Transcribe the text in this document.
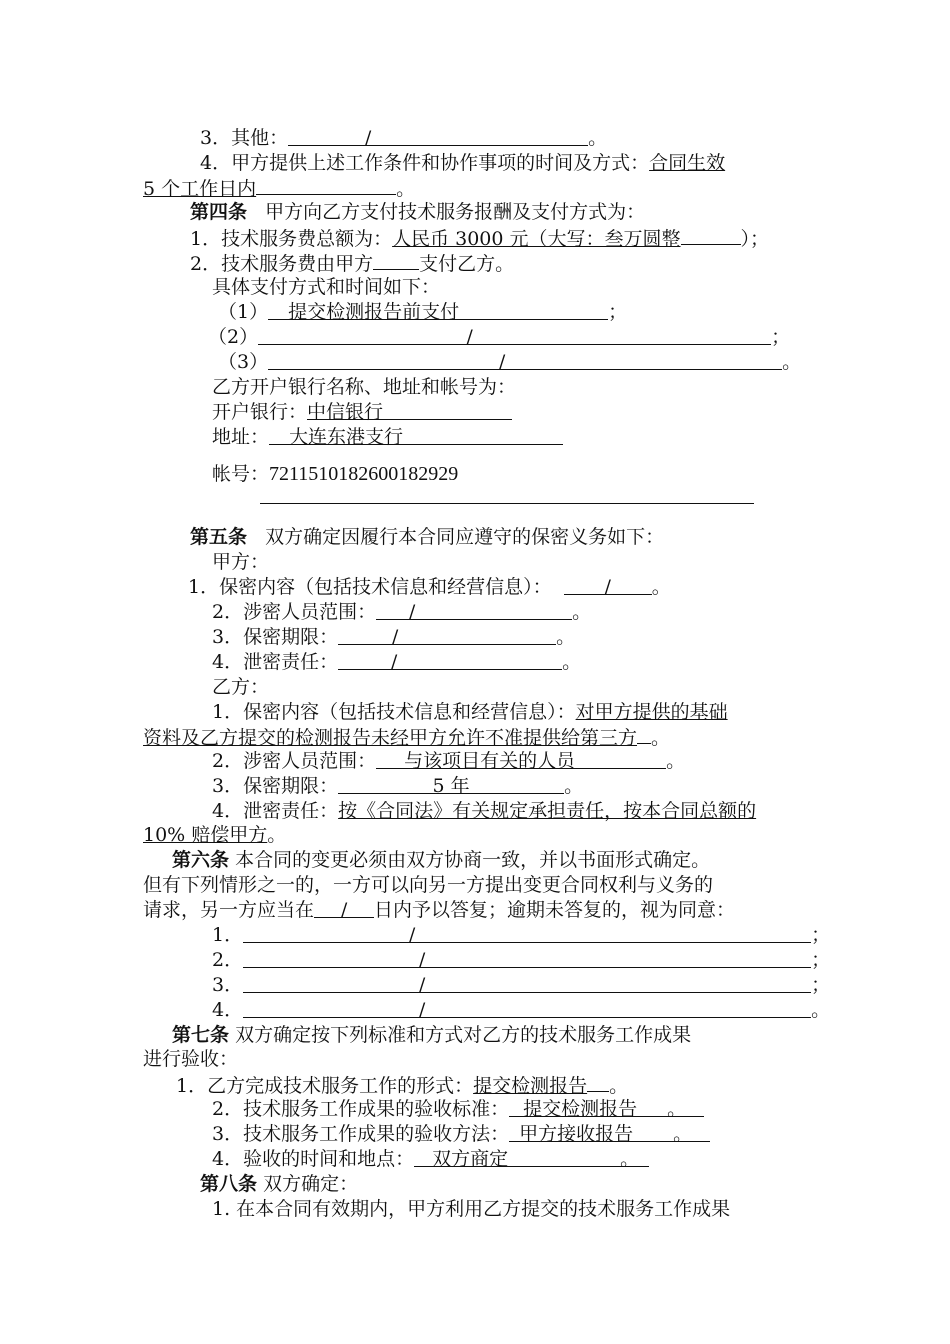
3．其他：	/	。
4．甲方提供上述工作条件和协作事项的时间及方式：合同生效
5 个工作日内	。
第四条 甲方向乙方支付技术服务报酬及支付方式为：
1．技术服务费总额为：人民币 3000 元（大写：叁万圆整	）；
2．技术服务费由甲方 支付乙方。
具体支付方式和时间如下：
（1） 提交检测报告前支付	；
（2）	/	；
（3）	/	。
乙方开户银行名称、地址和帐号为：
开户银行：中信银行
地址： 大连东港支行
帐号：7211510182600182929
第五条 双方确定因履行本合同应遵守的保密义务如下：
甲方：
1．保密内容（包括技术信息和经营信息）：	/ 。
2．涉密人员范围： /	。
3．保密期限：	/	。
4．泄密责任：	/	。
乙方：
1．保密内容（包括技术信息和经营信息）：对甲方提供的基础
资料及乙方提交的检测报告未经甲方允许不准提供给第三方 。
2．涉密人员范围： 与该项目有关的人员	。
3．保密期限：	5 年	。
4．泄密责任：按《合同法》有关规定承担责任，按本合同总额的
10% 赔偿甲方。
第六条 本合同的变更必须由双方协商一致，并以书面形式确定。
但有下列情形之一的，一方可以向另一方提出变更合同权利与义务的
请求，另一方应当在 / 日内予以答复；逾期未答复的，视为同意：
1．	/	；
2．	/	；
3．	/	；
4．	/	。
第七条 双方确定按下列标准和方式对乙方的技术服务工作成果
进行验收：
1．乙方完成技术服务工作的形式：提交检测报告 。
2．技术服务工作成果的验收标准： 提交检测报告 。
3．技术服务工作成果的验收方法： 甲方接收报告 。
4．验收的时间和地点： 双方商定	。
第八条 双方确定：
1. 在本合同有效期内，甲方利用乙方提交的技术服务工作成果
